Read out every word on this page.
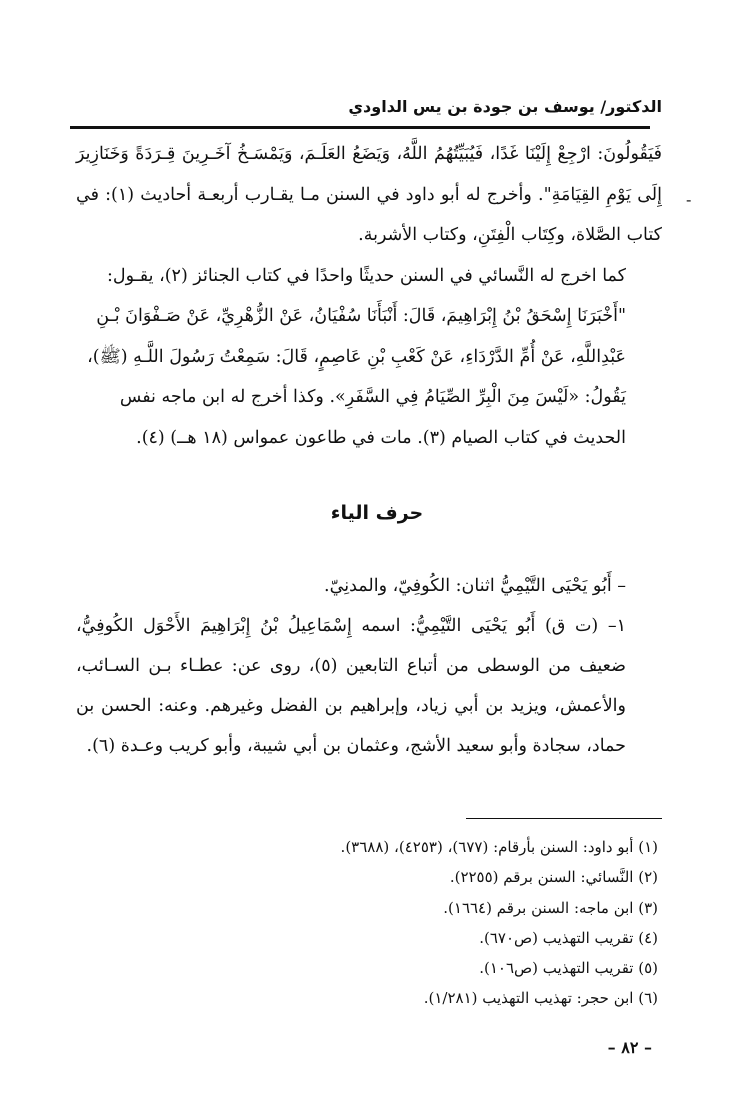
الدكتور/ يوسف بن جودة بن يس الداودي
-

فَيَقُولُونَ: ارْجِعْ إِلَيْنَا غَدًا، فَيُبَيِّتُهُمُ اللَّهُ، وَيَضَعُ العَلَـمَ، وَيَمْسَـخُ آخَـرِينَ قِـرَدَةً وَخَنَازِيرَ إِلَى يَوْمِ القِيَامَةِ". وأخرج له أبو داود في السنن مـا يقـارب أربعـة أحاديث (١): في كتاب الصَّلاة، وكِتَاب الْفِتَنِ، وكتاب الأشربة.

كما اخرج له النَّسائي في السنن حديثًا واحدًا في كتاب الجنائز (٢)، يقـول: "أَخْبَرَنَا إِسْحَقُ بْنُ إِبْرَاهِيمَ، قَالَ: أَنْبَأَنَا سُفْيَانُ، عَنْ الزُّهْرِيِّ، عَنْ صَـفْوَانَ بْـنِ عَبْدِاللَّهِ، عَنْ أُمِّ الدَّرْدَاءِ، عَنْ كَعْبِ بْنِ عَاصِمٍ، قَالَ: سَمِعْتُ رَسُولَ اللَّـهِ (ﷺ)، يَقُولُ: «لَيْسَ مِنَ الْبِرِّ الصِّيَامُ فِي السَّفَرِ». وكذا أخرج له ابن ماجه نفس الحديث في كتاب الصيام (٣). مات في طاعون عمواس (١٨ هــ) (٤).

حرف الياء

– أَبُو يَحْيَى التَّيْمِيُّ اثنان: الكُوفِيّ، والمدنِيّ.

١– (ت ق) أَبُو يَحْيَى التَّيْمِيُّ: اسمه إِسْمَاعِيلُ بْنُ إِبْرَاهِيمَ الأَحْوَل الكُوفِيُّ، ضعيف من الوسطى من أتباع التابعين (٥)، روى عن: عطـاء بـن السـائب، والأعمش، ويزيد بن أبي زياد، وإبراهيم بن الفضل وغيرهم. وعنه: الحسن بن حماد، سجادة وأبو سعيد الأشج، وعثمان بن أبي شيبة، وأبو كريب وعـدة (٦).

(١) أبو داود: السنن بأرقام: (٦٧٧)، (٤٢٥٣)، (٣٦٨٨).
(٢) النَّسائي: السنن برقم (٢٢٥٥).
(٣) ابن ماجه: السنن برقم (١٦٦٤).
(٤) تقريب التهذيب (ص٦٧٠).
(٥) تقريب التهذيب (ص١٠٦).
(٦) ابن حجر: تهذيب التهذيب (١/٢٨١).
– ٨٢ –
